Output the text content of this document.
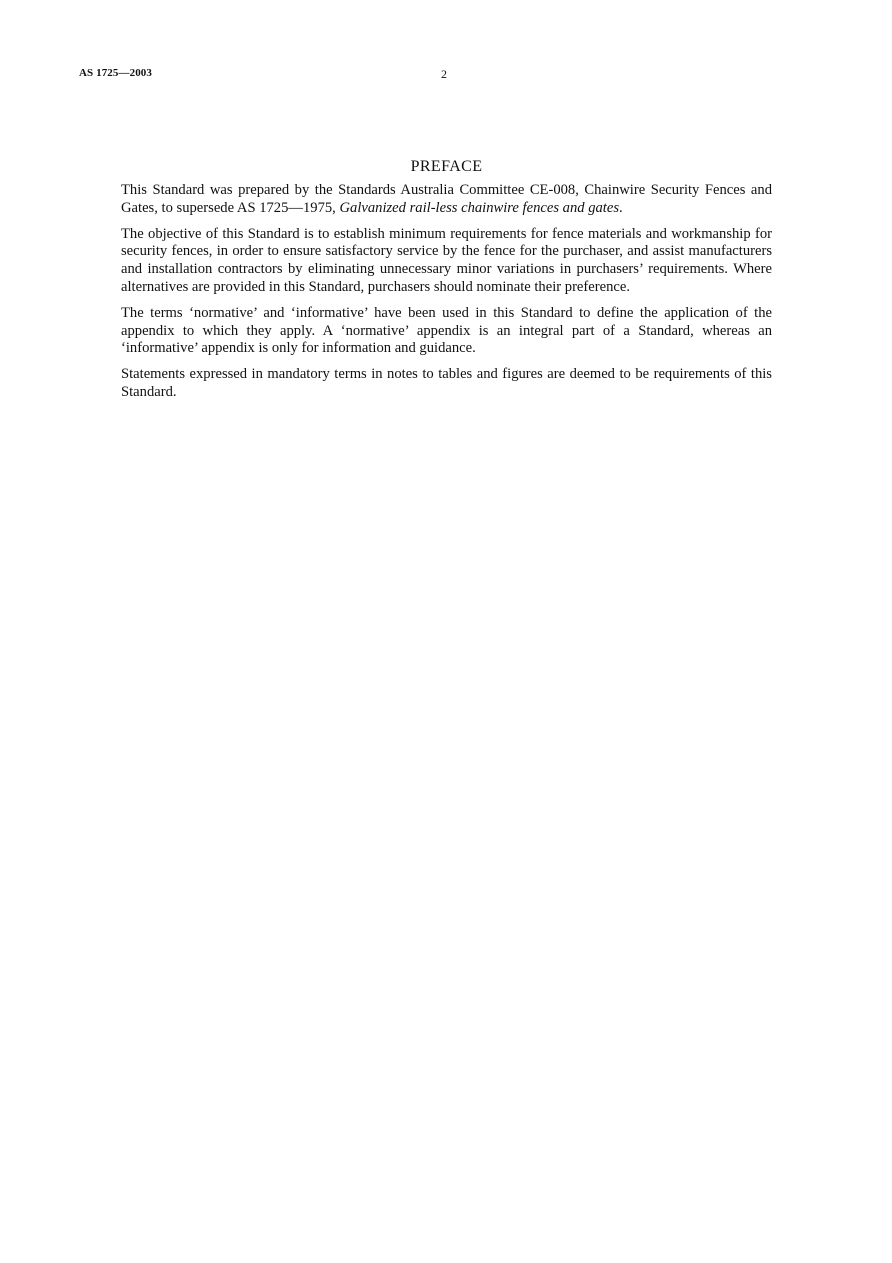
AS 1725—2003	2
PREFACE

This Standard was prepared by the Standards Australia Committee CE-008, Chainwire Security Fences and Gates, to supersede AS 1725—1975, Galvanized rail-less chainwire fences and gates.

The objective of this Standard is to establish minimum requirements for fence materials and workmanship for security fences, in order to ensure satisfactory service by the fence for the purchaser, and assist manufacturers and installation contractors by eliminating unnecessary minor variations in purchasers’ requirements. Where alternatives are provided in this Standard, purchasers should nominate their preference.

The terms ‘normative’ and ‘informative’ have been used in this Standard to define the application of the appendix to which they apply. A ‘normative’ appendix is an integral part of a Standard, whereas an ‘informative’ appendix is only for information and guidance.

Statements expressed in mandatory terms in notes to tables and figures are deemed to be requirements of this Standard.
